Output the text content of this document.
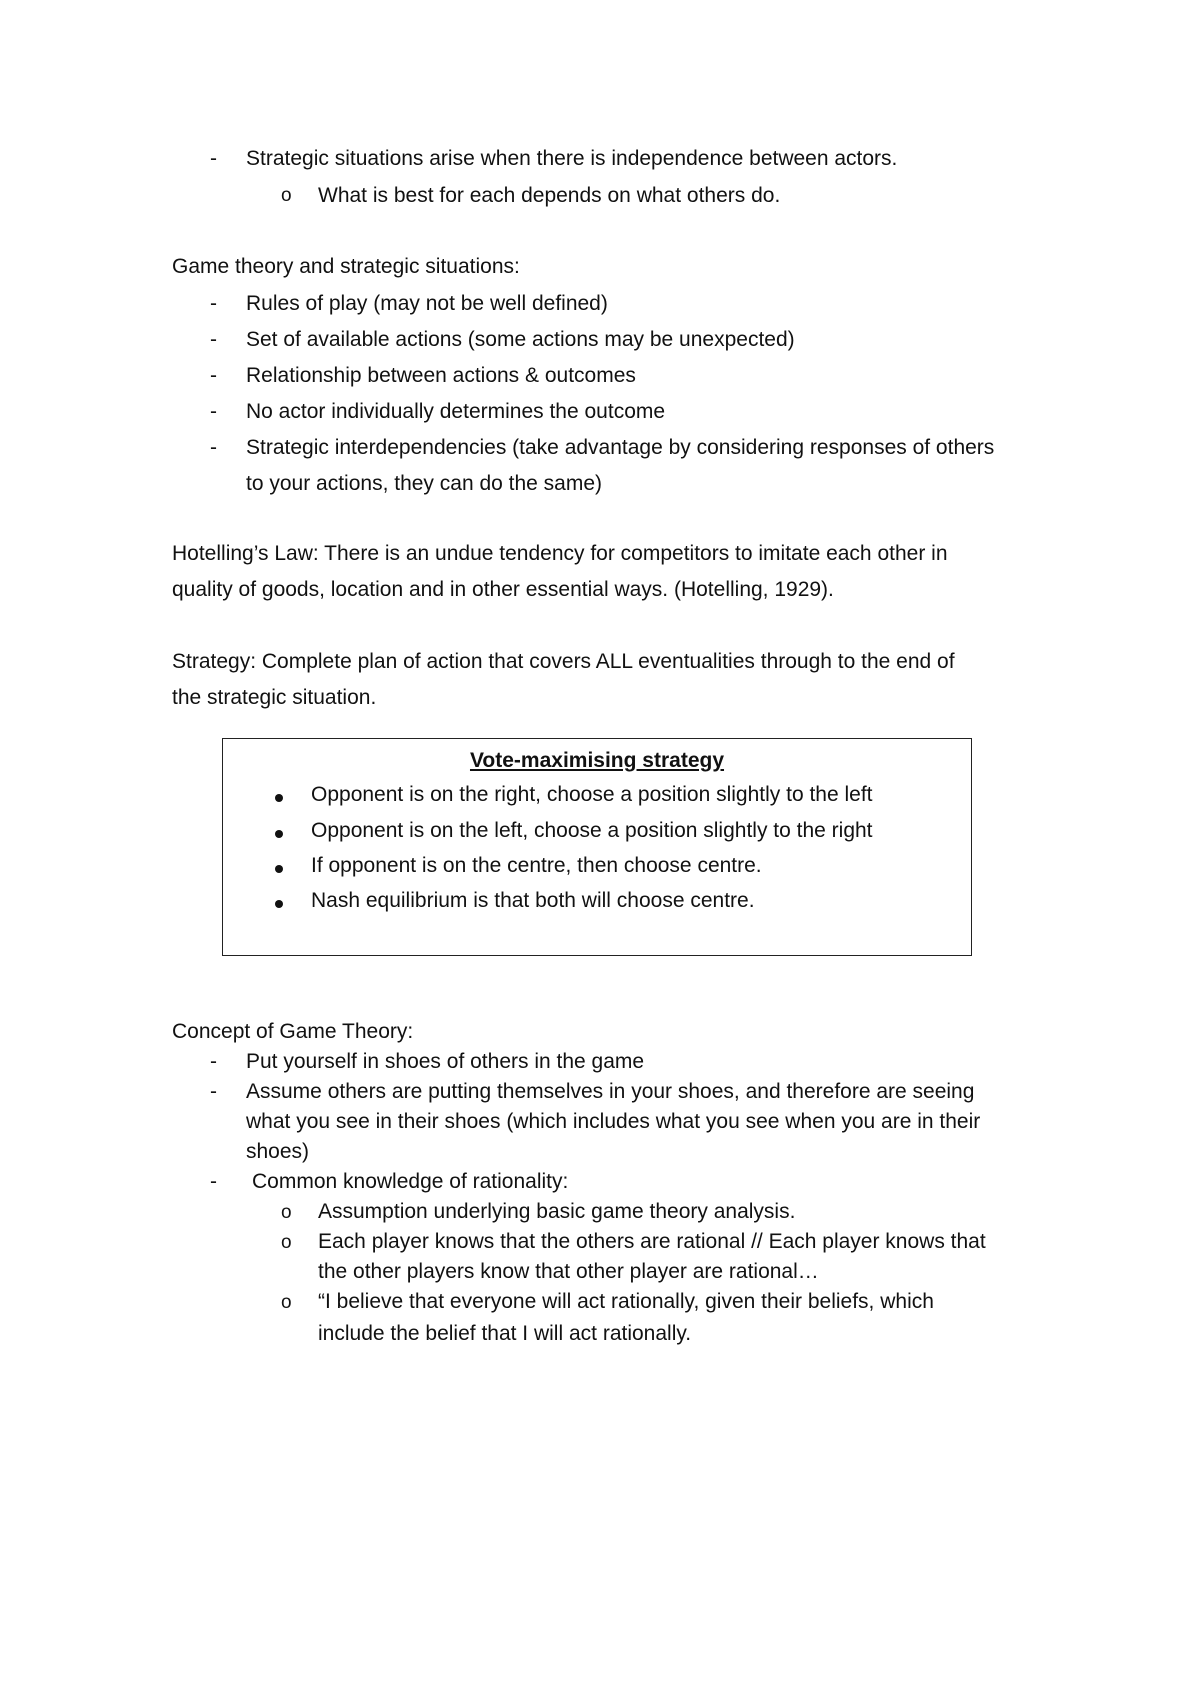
- Strategic situations arise when there is independence between actors.
o What is best for each depends on what others do.
Game theory and strategic situations:
- Rules of play (may not be well defined)
- Set of available actions (some actions may be unexpected)
- Relationship between actions & outcomes
- No actor individually determines the outcome
- Strategic interdependencies (take advantage by considering responses of others
to your actions, they can do the same)
Hotelling’s Law: There is an undue tendency for competitors to imitate each other in
quality of goods, location and in other essential ways. (Hotelling, 1929).
Strategy: Complete plan of action that covers ALL eventualities through to the end of
the strategic situation.
Vote-maximising strategy
Opponent is on the right, choose a position slightly to the left
Opponent is on the left, choose a position slightly to the right
If opponent is on the centre, then choose centre.
Nash equilibrium is that both will choose centre.
Concept of Game Theory:
- Put yourself in shoes of others in the game
- Assume others are putting themselves in your shoes, and therefore are seeing
what you see in their shoes (which includes what you see when you are in their
shoes)
- Common knowledge of rationality:
o Assumption underlying basic game theory analysis.
o Each player knows that the others are rational // Each player knows that
the other players know that other player are rational…
o “I believe that everyone will act rationally, given their beliefs, which
include the belief that I will act rationally.
